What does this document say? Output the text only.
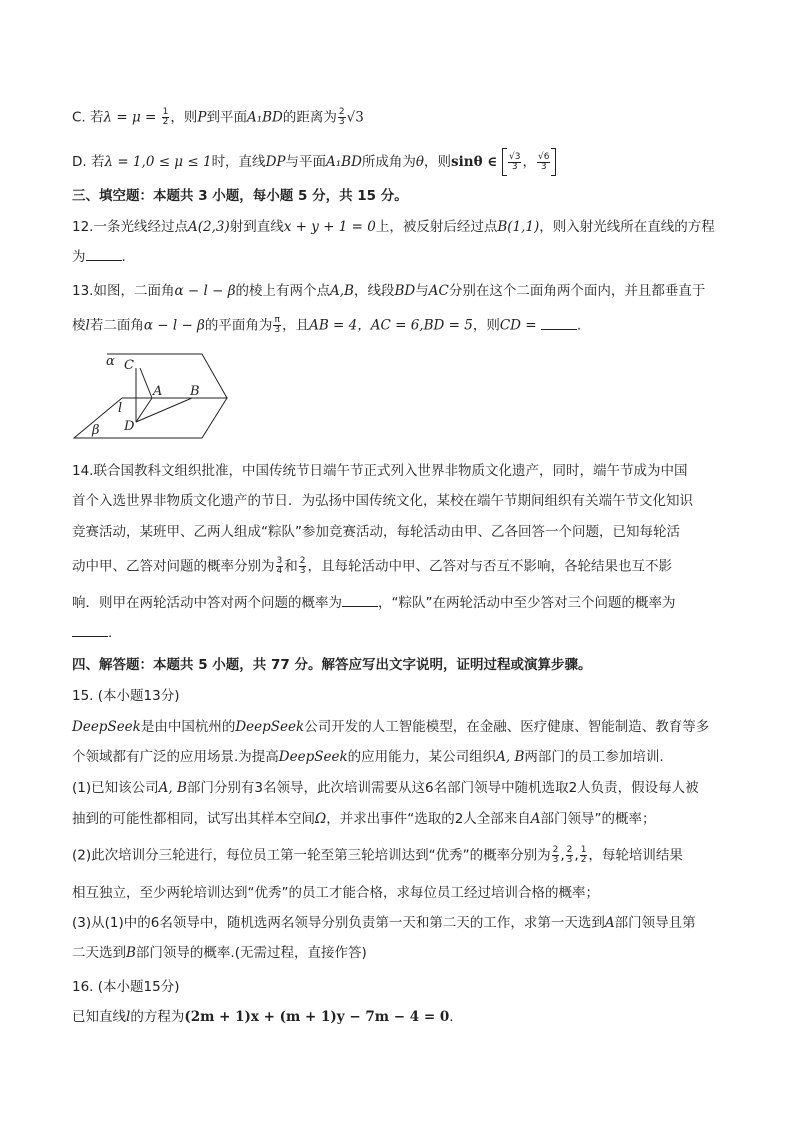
C. 若$\lambda = \mu = \frac{1}{2}$ ，则P到平面A₁BD的距离为 $\frac{2}{3} √3$
D. 若λ = 1,0 ≤ μ ≤ 1时，直线DP与平面A₁BD所成角为θ，则sinθ ∈ $\frac{√3}{3}$ ， $\frac{√6}{3}$
三、填空题：本题共 3 小题，每小题 5 分，共 15 分。
12.一条光线经过点A(2,3)射到直线x + y + 1 = 0上，被反射后经过点B(1,1)，则入射光线所在直线的方程
为	.
13.如图，二面角α − l − β的棱上有两个点A,B，线段BD与AC分别在这个二面角两个面内，并且都垂直于
棱l若二面角α − l − β的平面角为 $\frac{\pi}{3}$ ，且AB = 4，AC = 6,BD = 5，则CD =	.
α C
A B
l
D
β
14.联合国教科文组织批准，中国传统节日端午节正式列入世界非物质文化遗产，同时，端午节成为中国
首个入选世界非物质文化遗产的节日．为弘扬中国传统文化，某校在端午节期间组织有关端午节文化知识
竞赛活动，某班甲、乙两人组成“粽队”参加竞赛活动，每轮活动由甲、乙各回答一个问题，已知每轮活
动中甲、乙答对问题的概率分别为 $\frac{3}{4}$ 和 $\frac{2}{3}$ ，且每轮活动中甲、乙答对与否互不影响，各轮结果也互不影
响．则甲在两轮活动中答对两个问题的概率为	，“粽队”在两轮活动中至少答对三个问题的概率为
.
四、解答题：本题共 5 小题，共 77 分。解答应写出文字说明，证明过程或演算步骤。
15. (本小题13分)
DeepSeek是由中国杭州的DeepSeek公司开发的人工智能模型，在金融、医疗健康、智能制造、教育等多
个领域都有广泛的应用场景.为提高DeepSeek的应用能力，某公司组织A, B两部门的员工参加培训.
(1)已知该公司A, B部门分别有3名领导，此次培训需要从这6名部门领导中随机选取2人负责，假设每人被
抽到的可能性都相同，试写出其样本空间Ω，并求出事件“选取的2人全部来自A部门领导”的概率；
(2)此次培训分三轮进行，每位员工第一轮至第三轮培训达到“优秀”的概率分别为 $\frac{2}{3}$ , $\frac{2}{3}$ , $\frac{1}{2}$ ，每轮培训结果
相互独立，至少两轮培训达到“优秀”的员工才能合格，求每位员工经过培训合格的概率；
(3)从(1)中的6名领导中，随机选两名领导分别负责第一天和第二天的工作，求第一天选到A部门领导且第
二天选到B部门领导的概率.(无需过程，直接作答)
16. (本小题15分)
已知直线l的方程为(2m + 1)x + (m + 1)y − 7m − 4 = 0.
